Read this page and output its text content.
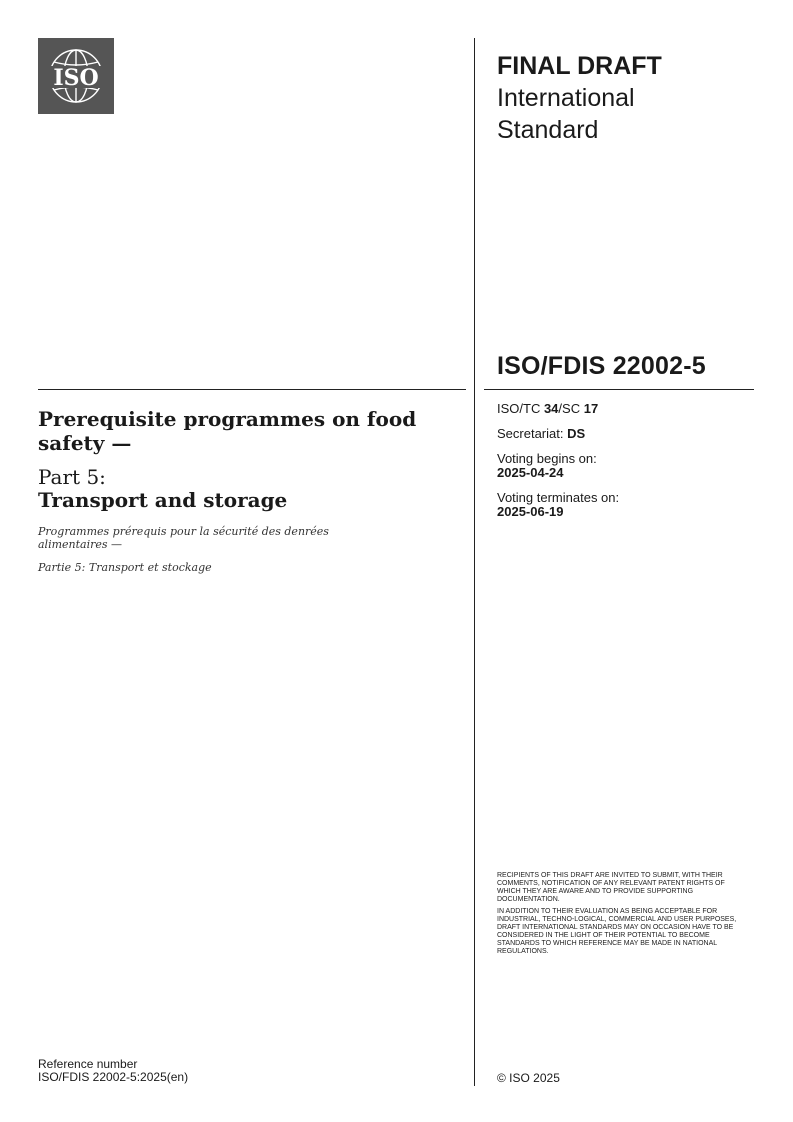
ISO	FINAL DRAFT
International
Standard
ISO/FDIS 22002-5
ISO/TC 34/SC 17
Secretariat: DS
Voting begins on:
2025-04-24
Voting terminates on:
2025-06-19
Prerequisite programmes on food
safety —
Part 5:
Transport and storage
Programmes prérequis pour la sécurité des denrées
alimentaires —
Partie 5: Transport et stockage

RECIPIENTS OF THIS DRAFT ARE INVITED TO SUBMIT, WITH THEIR COMMENTS, NOTIFICATION OF ANY RELEVANT PATENT RIGHTS OF WHICH THEY ARE AWARE AND TO PROVIDE SUPPORTING DOCUMENTATION.

IN ADDITION TO THEIR EVALUATION AS BEING ACCEPTABLE FOR INDUSTRIAL, TECHNO-LOGICAL, COMMERCIAL AND USER PURPOSES, DRAFT INTERNATIONAL STANDARDS MAY ON OCCASION HAVE TO BE CONSIDERED IN THE LIGHT OF THEIR POTENTIAL TO BECOME STANDARDS TO WHICH REFERENCE MAY BE MADE IN NATIONAL REGULATIONS.

Reference number
ISO/FDIS 22002-5:2025(en)	© ISO 2025
